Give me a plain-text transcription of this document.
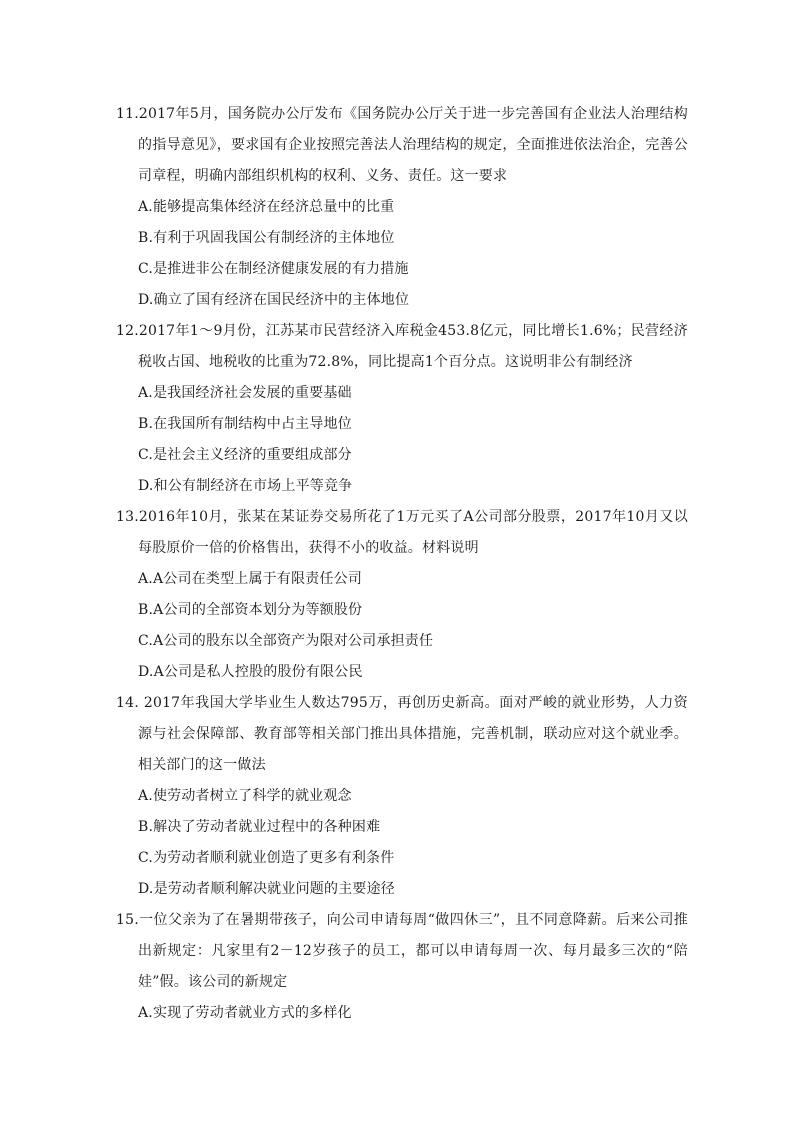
11.2017年5月，国务院办公厅发布《国务院办公厅关于进一步完善国有企业法人治理结构的指导意见》，要求国有企业按照完善法人治理结构的规定，全面推进依法治企，完善公司章程，明确内部组织机构的权利、义务、责任。这一要求
A.能够提高集体经济在经济总量中的比重
B.有利于巩固我国公有制经济的主体地位
C.是推进非公在制经济健康发展的有力措施
D.确立了国有经济在国民经济中的主体地位
12.2017年1～9月份，江苏某市民营经济入库税金453.8亿元，同比增长1.6%；民营经济税收占国、地税收的比重为72.8%，同比提高1个百分点。这说明非公有制经济
A.是我国经济社会发展的重要基础
B.在我国所有制结构中占主导地位
C.是社会主义经济的重要组成部分
D.和公有制经济在市场上平等竞争
13.2016年10月，张某在某证券交易所花了1万元买了A公司部分股票，2017年10月又以每股原价一倍的价格售出，获得不小的收益。材料说明
A.A公司在类型上属于有限责任公司
B.A公司的全部资本划分为等额股份
C.A公司的股东以全部资产为限对公司承担责任
D.A公司是私人控股的股份有限公民
14. 2017年我国大学毕业生人数达795万，再创历史新高。面对严峻的就业形势，人力资源与社会保障部、教育部等相关部门推出具体措施，完善机制，联动应对这个就业季。相关部门的这一做法
A.使劳动者树立了科学的就业观念
B.解决了劳动者就业过程中的各种困难
C.为劳动者顺利就业创造了更多有利条件
D.是劳动者顺利解决就业问题的主要途径
15.一位父亲为了在暑期带孩子，向公司申请每周“做四休三”，且不同意降薪。后来公司推出新规定：凡家里有2－12岁孩子的员工，都可以申请每周一次、每月最多三次的“陪娃”假。该公司的新规定
A.实现了劳动者就业方式的多样化
